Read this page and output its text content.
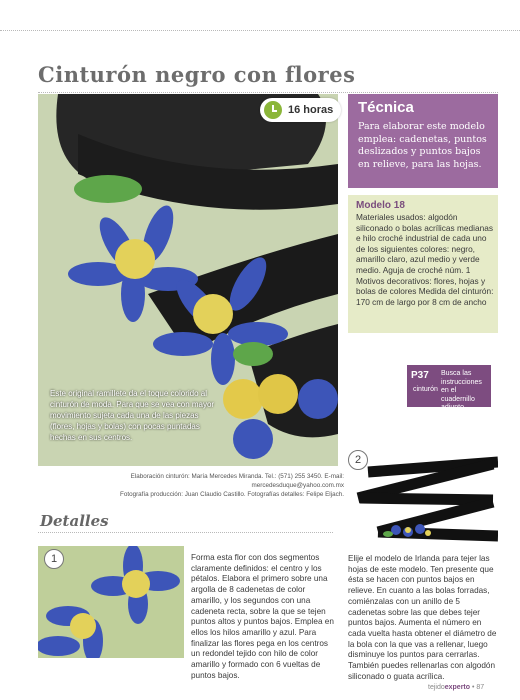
Cinturón negro con flores
16 horas

Este original ramillete da el toque colorido al cinturón de moda. Para que se vea con mayor movimiento sujeta cada una de las piezas (flores, hojas y bolas) con pocas puntadas hechas en sus centros.

Técnica

Para elaborar este modelo emplea: cadenetas, puntos deslizados y puntos bajos en relieve, para las hojas.

Modelo 18

Materiales usados: algodón siliconado o bolas acrílicas medianas e hilo croché industrial de cada uno de los siguientes colores: negro, amarillo claro, azul medio y verde medio. Aguja de croché núm. 1 Motivos decorativos: flores, hojas y bolas de colores Medida del cinturón: 170 cm de largo por 8 cm de ancho

P37
cinturón

Busca las instrucciones en el cuadernillo adjunto.

Elaboración cinturón: María Mercedes Miranda. Tel.: (571) 255 3450. E-mail: mercedesduque@yahoo.com.mx
Fotografía producción: Juan Claudio Castillo. Fotografías detalles: Felipe Eljach.
2
Detalles
1	Forma esta flor con dos segmentos claramente definidos: el centro y los pétalos. Elabora el primero sobre una argolla de 8 cadenetas de color amarillo, y los segundos con una cadeneta recta, sobre la que se tejen puntos altos y puntos bajos. Emplea en ellos los hilos amarillo y azul. Para finalizar las flores pega en los centros un redondel tejido con hilo de color amarillo y formado con 6 vueltas de puntos bajos.

Elije el modelo de Irlanda para tejer las hojas de este modelo. Ten presente que ésta se hacen con puntos bajos en relieve. En cuanto a las bolas forradas, comiénzalas con un anillo de 5 cadenetas sobre las que debes tejer puntos bajos. Aumenta el número en cada vuelta hasta obtener el diámetro de la bola con la que vas a rellenar, luego disminuye los puntos para cerrarlas. También puedes rellenarlas con algodón siliconado o guata acrílica.

tejidoexperto • 87
